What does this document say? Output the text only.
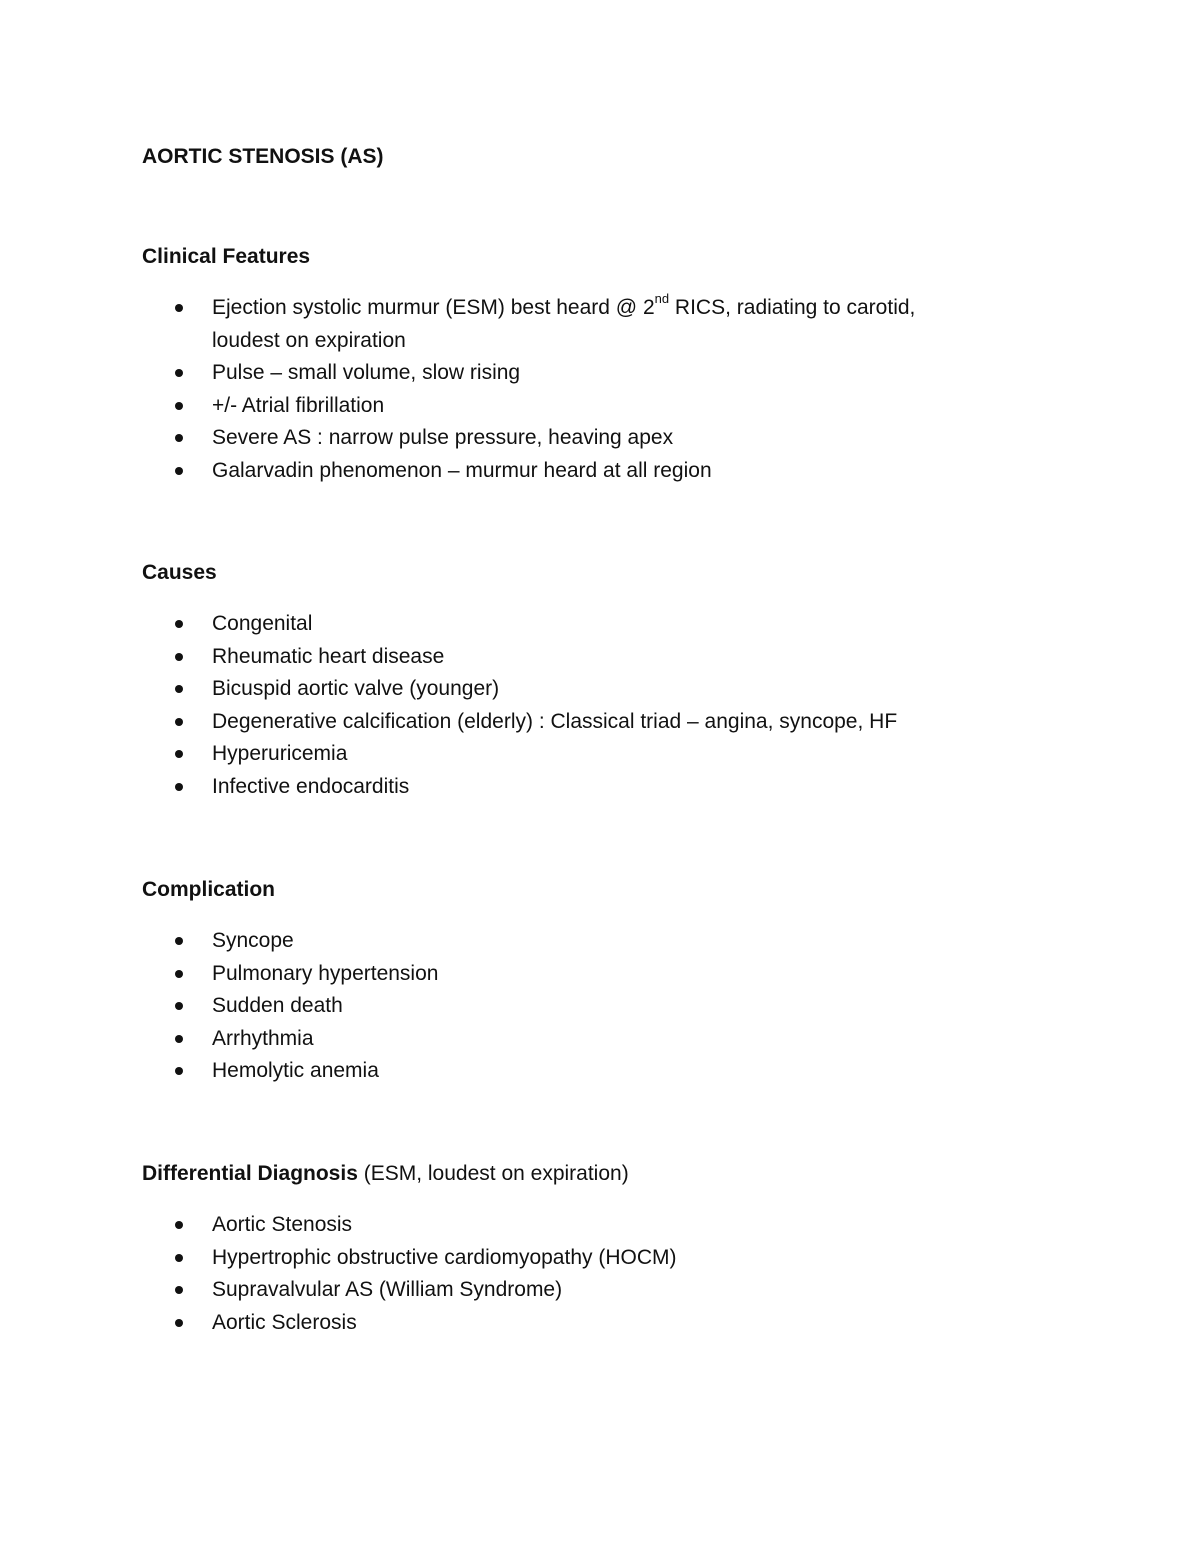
AORTIC STENOSIS (AS)
Clinical Features
Ejection systolic murmur (ESM) best heard @ 2nd RICS, radiating to carotid,
loudest on expiration
Pulse – small volume, slow rising
+/- Atrial fibrillation
Severe AS : narrow pulse pressure, heaving apex
Galarvadin phenomenon – murmur heard at all region
Causes
Congenital
Rheumatic heart disease
Bicuspid aortic valve (younger)
Degenerative calcification (elderly) : Classical triad – angina, syncope, HF
Hyperuricemia
Infective endocarditis
Complication
Syncope
Pulmonary hypertension
Sudden death
Arrhythmia
Hemolytic anemia
Differential Diagnosis (ESM, loudest on expiration)
Aortic Stenosis
Hypertrophic obstructive cardiomyopathy (HOCM)
Supravalvular AS (William Syndrome)
Aortic Sclerosis
